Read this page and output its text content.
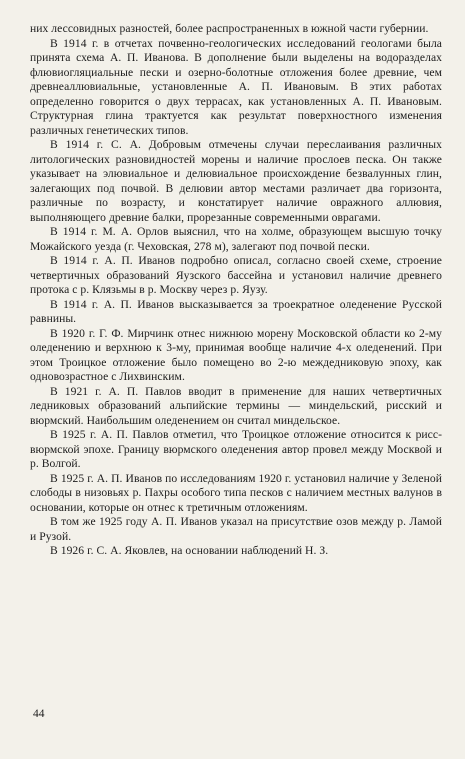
них лессовидных разностей, более распространенных в южной части губернии.

В 1914 г. в отчетах почвенно-геологических исследований геологами была принята схема А. П. Иванова. В дополнение были выделены на водоразделах флювиогляциальные пески и озерно-болотные отложения более древние, чем древнеаллювиальные, установленные А. П. Ивановым. В этих работах определенно говорится о двух террасах, как установленных А. П. Ивановым. Структурная глина трактуется как результат поверхностного изменения различных генетических типов.

В 1914 г. С. А. Добровым отмечены случаи переслаивания различных литологических разновидностей морены и наличие прослоев песка. Он также указывает на элювиальное и делювиальное происхождение безвалунных глин, залегающих под почвой. В делювии автор местами различает два горизонта, различные по возрасту, и констатирует наличие овражного аллювия, выполняющего древние балки, прорезанные современными оврагами.

В 1914 г. М. А. Орлов выяснил, что на холме, образующем высшую точку Можайского уезда (г. Чеховская, 278 м), залегают под почвой пески.

В 1914 г. А. П. Иванов подробно описал, согласно своей схеме, строение четвертичных образований Яузского бассейна и установил наличие древнего протока с р. Клязьмы в р. Москву через р. Яузу.

В 1914 г. А. П. Иванов высказывается за троекратное оледенение Русской равнины.

В 1920 г. Г. Ф. Мирчинк отнес нижнюю морену Московской области ко 2-му оледенению и верхнюю к 3-му, принимая вообще наличие 4-х оледенений. При этом Троицкое отложение было помещено во 2-ю междедниковую эпоху, как одновозрастное с Лихвинским.

В 1921 г. А. П. Павлов вводит в применение для наших четвертичных ледниковых образований альпийские термины — миндельский, рисский и вюрмский. Наибольшим оледенением он считал миндельское.

В 1925 г. А. П. Павлов отметил, что Троицкое отложение относится к рисс-вюрмской эпохе. Границу вюрмского оледенения автор провел между Москвой и р. Волгой.

В 1925 г. А. П. Иванов по исследованиям 1920 г. установил наличие у Зеленой слободы в низовьях р. Пахры особого типа песков с наличием местных валунов в основании, которые он отнес к третичным отложениям.

В том же 1925 году А. П. Иванов указал на присутствие озов между р. Ламой и Рузой.

В 1926 г. С. А. Яковлев, на основании наблюдений Н. З.

44
